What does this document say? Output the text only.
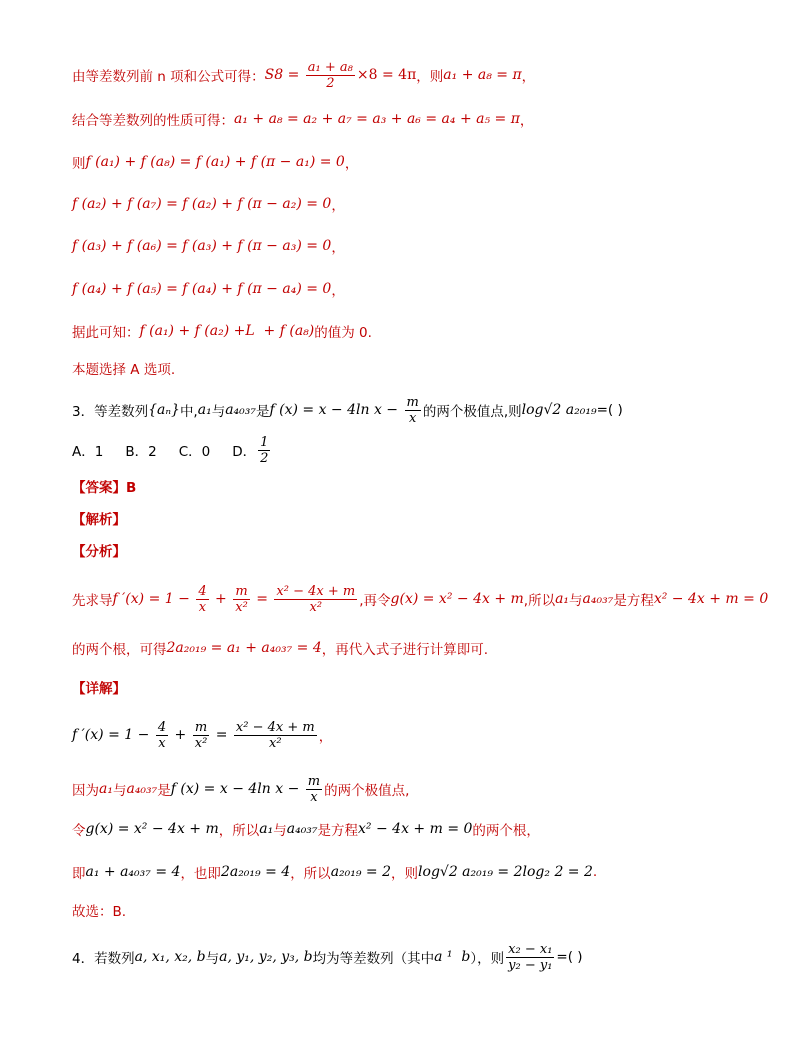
由等差数列前 n 项和公式可得： S $8 = \frac{\text{a₁ + a₈}}{2} \times 8 = 4\pi$ ，则 a₁ + a₈ = π ，
结合等差数列的性质可得： a₁ + a₈ = a₂ + a₇ = a₃ + a₆ = a₄ + a₅ = π ，
则 f (a₁) + f (a₈) = f (a₁) + f (π − a₁) = 0 ，
f (a₂) + f (a₇) = f (a₂) + f (π − a₂) = 0 ，
f (a₃) + f (a₆) = f (a₃) + f (π − a₃) = 0 ，
f (a₄) + f (a₅) = f (a₄) + f (π − a₄) = 0 ，
据此可知： f (a₁) + f (a₂) +L  + f (a₈) 的值为 0.
本题选择 A 选项.
3．等差数列 {aₙ} 中, a₁ 与 a₄₀₃₇ 是 f (x) = x − 4ln $x - \frac{m}{x}$ 的两个极值点,则 log√2 a₂₀₁₉ =( )
A．1 B．2 C．0 D． $\frac{1}{2}$
【答案】B
【解析】
【分析】
先求导 f $'(x) = 1 - \frac{4}{x} + \frac{m}{\text{x²}} = \frac{\text{x² − 4x + m}}{\text{x²}}$ ,再令 g(x) = x² − 4x + m ,所以 a₁ 与 a₄₀₃₇ 是方程 x² − 4x + m = 0
的两个根，可得 2a₂₀₁₉ = a₁ + a₄₀₃₇ = 4 ，再代入式子进行计算即可.
【详解】
f $'(x) = 1 - \frac{4}{x} + \frac{m}{\text{x²}} = \frac{\text{x² − 4x + m}}{\text{x²}}$ ，
因为 a₁ 与 a₄₀₃₇ 是 f (x) = x − 4ln $x - \frac{m}{x}$ 的两个极值点,
令 g(x) = x² − 4x + m ，所以 a₁ 与 a₄₀₃₇ 是方程 x² − 4x + m = 0 的两个根，
即 a₁ + a₄₀₃₇ = 4 ，也即 2a₂₀₁₉ = 4 ，所以 a₂₀₁₉ = 2 ，则 log√2 a₂₀₁₉ = 2log₂ 2 = 2 .
故选：B.
4．若数列 a, x₁, x₂, b 与 a, y₁, y₂, y₃, b 均为等差数列（其中 a ¹  b ），则 $\frac{\text{x₂ − x₁}}{\text{y₂ − y₁}}$ =( )
